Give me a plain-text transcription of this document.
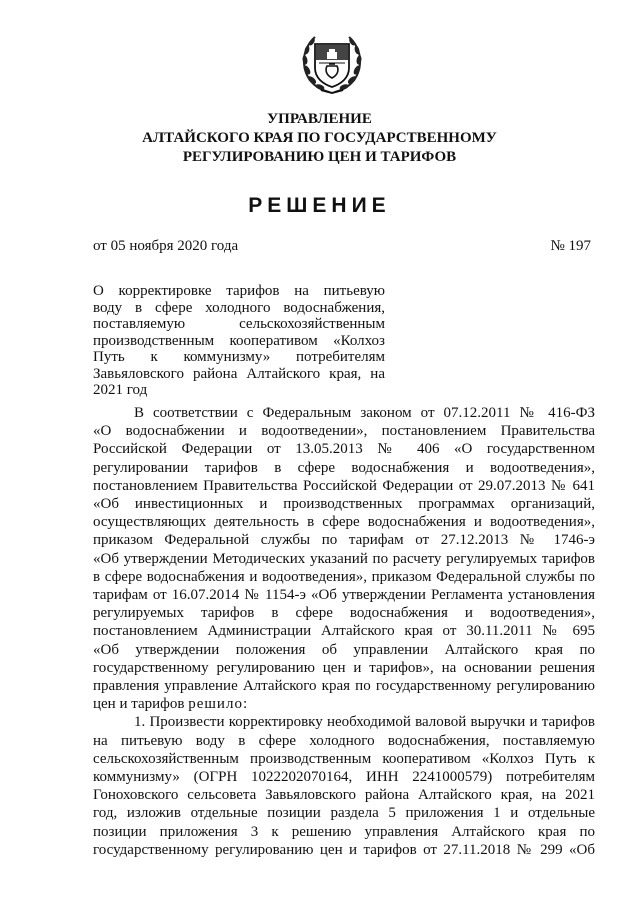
УПРАВЛЕНИЕ
АЛТАЙСКОГО КРАЯ ПО ГОСУДАРСТВЕННОМУ
РЕГУЛИРОВАНИЮ ЦЕН И ТАРИФОВ
РЕШЕНИЕ
от 05 ноября 2020 года	№ 197
О корректировке тарифов на питьевую
воду в сфере холодного водоснабжения,
поставляемую сельскохозяйственным
производственным кооперативом «Колхоз
Путь к коммунизму» потребителям
Завьяловского района Алтайского края, на
2021 год
В соответствии с Федеральным законом от 07.12.2011 № 416-ФЗ
«О водоснабжении и водоотведении», постановлением Правительства
Российской Федерации от 13.05.2013 № 406 «О государственном
регулировании тарифов в сфере водоснабжения и водоотведения»,
постановлением Правительства Российской Федерации от 29.07.2013 № 641
«Об инвестиционных и производственных программах организаций,
осуществляющих деятельность в сфере водоснабжения и водоотведения»,
приказом Федеральной службы по тарифам от 27.12.2013 № 1746-э
«Об утверждении Методических указаний по расчету регулируемых тарифов
в сфере водоснабжения и водоотведения», приказом Федеральной службы по
тарифам от 16.07.2014 № 1154-э «Об утверждении Регламента установления
регулируемых тарифов в сфере водоснабжения и водоотведения»,
постановлением Администрации Алтайского края от 30.11.2011 № 695
«Об утверждении положения об управлении Алтайского края по
государственному регулированию цен и тарифов», на основании решения
правления управление Алтайского края по государственному регулированию
цен и тарифов решило:
1. Произвести корректировку необходимой валовой выручки и тарифов
на питьевую воду в сфере холодного водоснабжения, поставляемую
сельскохозяйственным производственным кооперативом «Колхоз Путь к
коммунизму» (ОГРН 1022202070164, ИНН 2241000579) потребителям
Гоноховского сельсовета Завьяловского района Алтайского края, на 2021
год, изложив отдельные позиции раздела 5 приложения 1 и отдельные
позиции приложения 3 к решению управления Алтайского края по
государственному регулированию цен и тарифов от 27.11.2018 № 299 «Об
